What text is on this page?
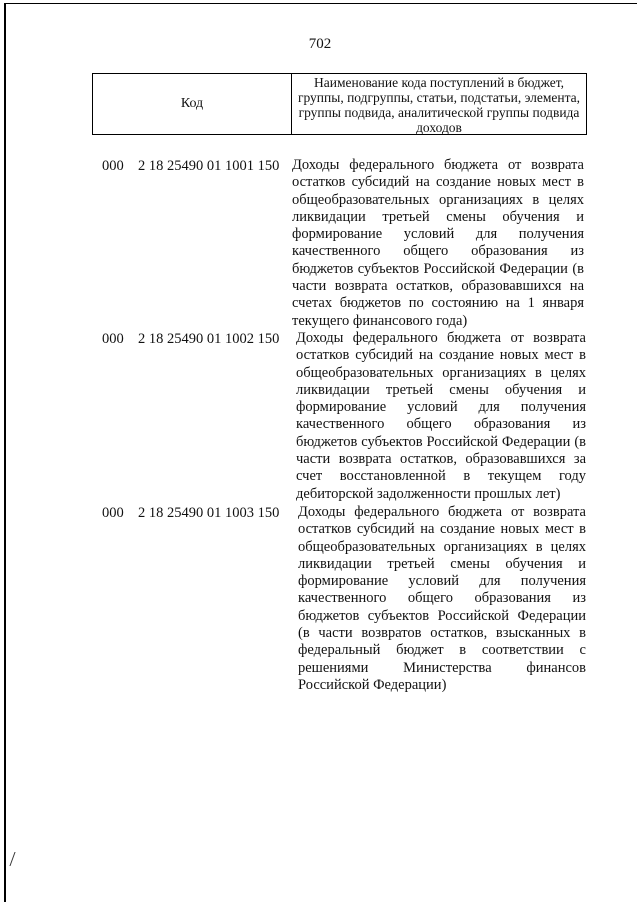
702
Код
Наименование кода поступлений в бюджет, группы, подгруппы, статьи, подстатьи, элемента, группы подвида, аналитической группы подвида доходов
000 2 18 25490 01 1001 150 Доходы федерального бюджета от возврата остатков субсидий на создание новых мест в общеобразовательных организациях в целях ликвидации третьей смены обучения и формирование условий для получения качественного общего образования из бюджетов субъектов Российской Федерации (в части возврата остатков, образовавшихся на счетах бюджетов по состоянию на 1 января текущего финансового года)
000 2 18 25490 01 1002 150 Доходы федерального бюджета от возврата остатков субсидий на создание новых мест в общеобразовательных организациях в целях ликвидации третьей смены обучения и формирование условий для получения качественного общего образования из бюджетов субъектов Российской Федерации (в части возврата остатков, образовавшихся за счет восстановленной в текущем году дебиторской задолженности прошлых лет)
000 2 18 25490 01 1003 150 Доходы федерального бюджета от возврата остатков субсидий на создание новых мест в общеобразовательных организациях в целях ликвидации третьей смены обучения и формирование условий для получения качественного общего образования из бюджетов субъектов Российской Федерации (в части возвратов остатков, взысканных в федеральный бюджет в соответствии с решениями Министерства финансов Российской Федерации)
